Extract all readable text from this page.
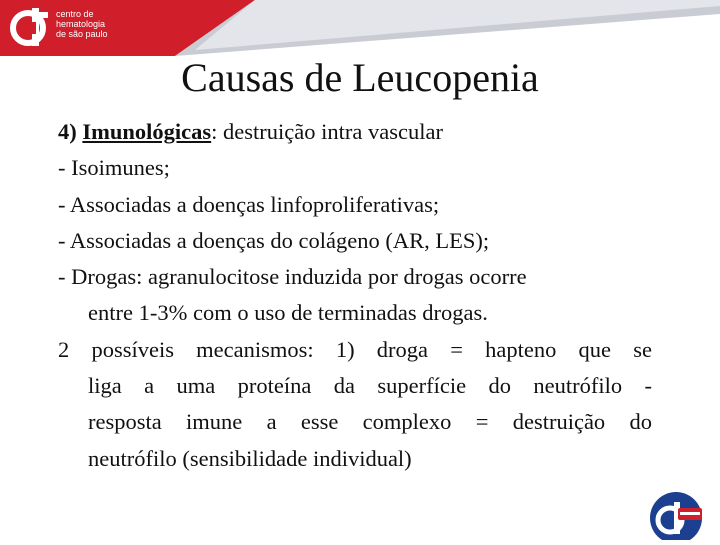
centro de
hematologia
de são paulo
Causas de Leucopenia
4) Imunológicas: destruição intra vascular
- Isoimunes;
- Associadas a doenças linfoproliferativas;
- Associadas a doenças do colágeno (AR, LES);
- Drogas: agranulocitose induzida por drogas ocorre
entre 1-3% com o uso de terminadas drogas.
2 possíveis mecanismos: 1) droga = hapteno que se
liga a uma proteína da superfície do neutrófilo -
resposta imune a esse complexo = destruição do
neutrófilo (sensibilidade individual)
